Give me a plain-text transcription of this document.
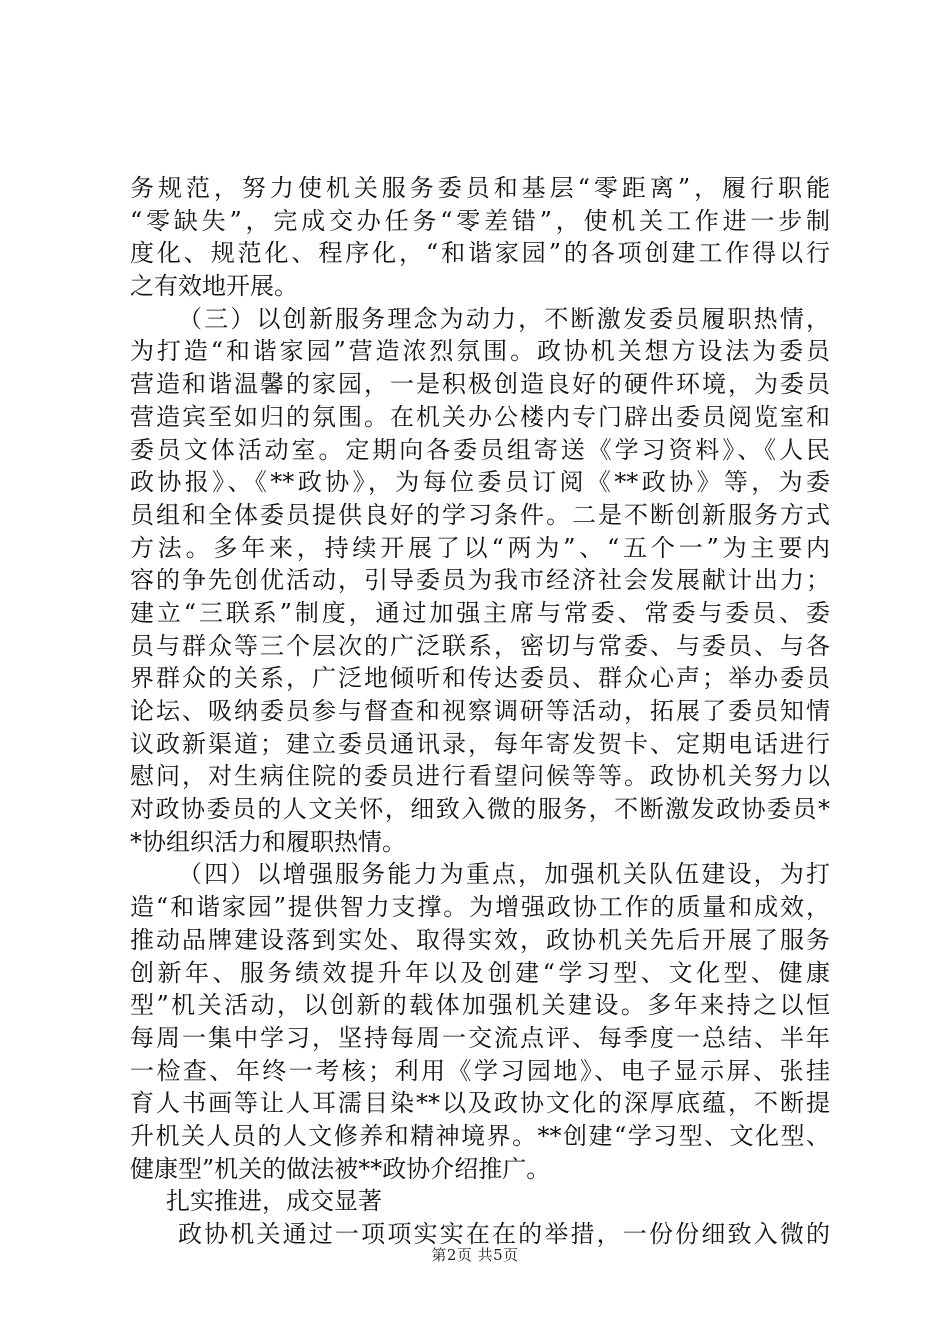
务规范，努力使机关服务委员和基层“零距离”，履行职能
“零缺失”，完成交办任务“零差错”，使机关工作进一步制
度化、规范化、程序化，“和谐家园”的各项创建工作得以行
之有效地开展。
（三）以创新服务理念为动力，不断激发委员履职热情，
为打造“和谐家园”营造浓烈氛围。政协机关想方设法为委员
营造和谐温馨的家园，一是积极创造良好的硬件环境，为委员
营造宾至如归的氛围。在机关办公楼内专门辟出委员阅览室和
委员文体活动室。定期向各委员组寄送《学习资料》、《人民
政协报》、《**政协》，为每位委员订阅《**政协》等，为委
员组和全体委员提供良好的学习条件。二是不断创新服务方式
方法。多年来，持续开展了以“两为”、“五个一”为主要内
容的争先创优活动，引导委员为我市经济社会发展献计出力；
建立“三联系”制度，通过加强主席与常委、常委与委员、委
员与群众等三个层次的广泛联系，密切与常委、与委员、与各
界群众的关系，广泛地倾听和传达委员、群众心声；举办委员
论坛、吸纳委员参与督查和视察调研等活动，拓展了委员知情
议政新渠道；建立委员通讯录，每年寄发贺卡、定期电话进行
慰问，对生病住院的委员进行看望问候等等。政协机关努力以
对政协委员的人文关怀，细致入微的服务，不断激发政协委员*
*协组织活力和履职热情。
（四）以增强服务能力为重点，加强机关队伍建设，为打
造“和谐家园”提供智力支撑。为增强政协工作的质量和成效，
推动品牌建设落到实处、取得实效，政协机关先后开展了服务
创新年、服务绩效提升年以及创建“学习型、文化型、健康
型”机关活动，以创新的载体加强机关建设。多年来持之以恒
每周一集中学习，坚持每周一交流点评、每季度一总结、半年
一检查、年终一考核；利用《学习园地》、电子显示屏、张挂
育人书画等让人耳濡目染**以及政协文化的深厚底蕴，不断提
升机关人员的人文修养和精神境界。**创建“学习型、文化型、
健康型”机关的做法被**政协介绍推广。
扎实推进，成交显著
政协机关通过一项项实实在在的举措，一份份细致入微的
第2页 共5页
